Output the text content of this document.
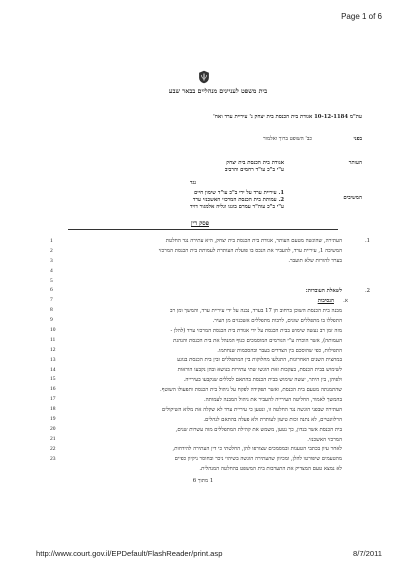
Page 1 of 6
בית משפט לעניינים מנהליים בבאר שבע
עת"מ 10-12-1184 אגודת בית הכנסת בית יצחק נ' עיריית ערד ואח'
בפני
כב' השופט ברוך ואלמור
העותר
אגודת בית הכנסת בית יצחק
ע"י ב"כ עו"ד רחמים והרביב
נגד
המשיבים
1. עיריית ערד על ידי ב"כ עו"ד שימון חיים
2. עמותת בית הכנסת המרכזי האשכנזי ערד
ע"י ב"כ עוה"ד עמרם בונגו וגליה אלמגור דויד
פסק דין
1
2
3
4
5
6
7
8
9
10
11
12
13
14
15
16
17
18
19
20
21
22
23
1.
2.
א.
העתירה, שהוגשה מטעם העותר, אגודת בית הכנסת בית יצחק, היא עתירה נגד החלטת
המשיבה 1, עיריית ערד, להעביר את הנכס בו פועלת העותרת לעמותת בית הכנסת המרכזי
בערד להורות שלא תועבר.
לשאלת העובדות:
הנסיבות
מבנה בית הכנסת השוכן ברחוב חן 17 בערד, נבנה על ידי עיריית ערד, והמשך ומן רב
התפללו בו מתפללים שונים, לרבות מתפללים אשכנזים מן העיר.
מזה זמן רב נעשה שימוש בבית הכנסת על ידי אגודת בית הכנסת המרכזי ערד (להלן -
העמותה), אשר הוכרה ע"י הגורמים המוסמכים כגוף המנהל את בית הכנסת והנהגת
התפילות, כפי שהוסכם בין הצדדים בעבר ובהסכמות שנחתמו.
במחצית השנים האחרונות, התגלעו מחלוקות בין המתפללים ובין בית הכנסת בנוגע
לשימוש בבית הכנסת, בעקבות זאת הוגשו שתי עתירות בנושא ובהן נקבעו הוראות
ולפיהן, בין היתר, יעשה שימוש בבית הכנסת בהתאם לכללים שנקבעו בעירייה.
שהתמנתה מטעם בית הכנסת, ואשר תפקידה לפקח על ניהול בית הכנסת ותפעולו השוטף.
בהמשך לאמור, החליטה העירייה להעביר את ניהול המבנה לעמותה.
העתירה שבפני הוגשה נגד החלטה זו, ונטען כי עיריית ערד לא שקלה את מלוא השיקולים
הרלוונטיים, לא נתנה זכות טיעון לעותרת ולא פעלה בהתאם לנהלים.
בית הכנסת אשר בנדון, כך נטען, משמש את קהילת המתפללים מזה עשרות שנים,
המרכזי האשכנזי.
לאחר עיון בכתבי הטענות ובמסמכים שצורפו להן, החלטתי כי דין העתירה להידחות,
מהטעמים שיפורטו להלן, ומכיוון שהעתירה הוגשה בשיהוי ניכר ובחוסר ניקיון כפיים
לא נמצא טעם המצדיק את התערבות בית המשפט בהחלטה המנהלית.
1 מתוך 6
http://www.court.gov.il/EPDefault/FlashReader/print.asp	8/7/2011
